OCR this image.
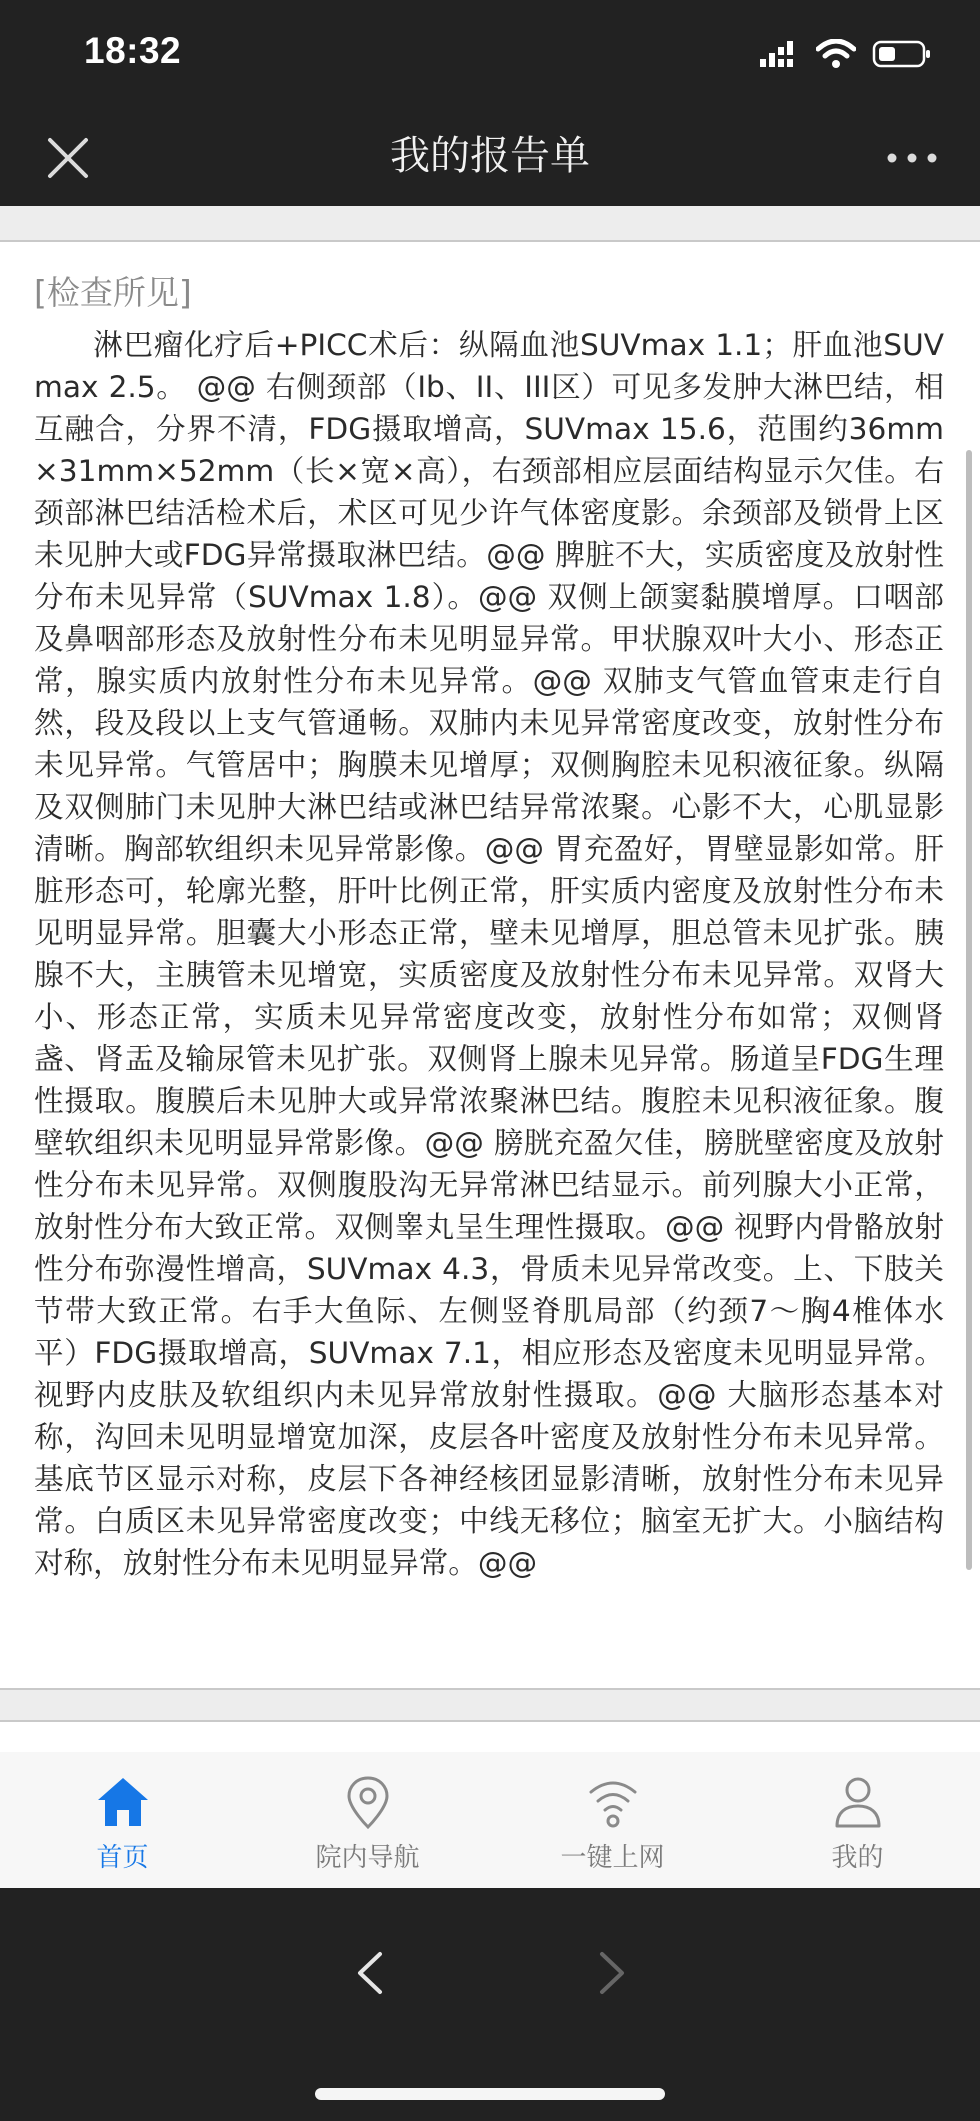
18:32
我的报告单
[检查所见]

淋巴瘤化疗后+PICC术后：纵隔血池SUVmax 1.1；肝血池SUVmax 2.5。 @@ 右侧颈部（Ib、II、III区）可见多发肿大淋巴结，相互融合，分界不清，FDG摄取增高，SUVmax 15.6，范围约36mm×31mm×52mm（长×宽×高），右颈部相应层面结构显示欠佳。右颈部淋巴结活检术后，术区可见少许气体密度影。余颈部及锁骨上区未见肿大或FDG异常摄取淋巴结。@@ 脾脏不大，实质密度及放射性分布未见异常（SUVmax 1.8）。@@ 双侧上颌窦黏膜增厚。口咽部及鼻咽部形态及放射性分布未见明显异常。甲状腺双叶大小、形态正常，腺实质内放射性分布未见异常。@@ 双肺支气管血管束走行自然，段及段以上支气管通畅。双肺内未见异常密度改变，放射性分布未见异常。气管居中；胸膜未见增厚；双侧胸腔未见积液征象。纵隔及双侧肺门未见肿大淋巴结或淋巴结异常浓聚。心影不大，心肌显影清晰。胸部软组织未见异常影像。@@ 胃充盈好，胃壁显影如常。肝脏形态可，轮廓光整，肝叶比例正常，肝实质内密度及放射性分布未见明显异常。胆囊大小形态正常，壁未见增厚，胆总管未见扩张。胰腺不大，主胰管未见增宽，实质密度及放射性分布未见异常。双肾大小、形态正常，实质未见异常密度改变，放射性分布如常；双侧肾盏、肾盂及输尿管未见扩张。双侧肾上腺未见异常。肠道呈FDG生理性摄取。腹膜后未见肿大或异常浓聚淋巴结。腹腔未见积液征象。腹壁软组织未见明显异常影像。@@ 膀胱充盈欠佳，膀胱壁密度及放射性分布未见异常。双侧腹股沟无异常淋巴结显示。前列腺大小正常，放射性分布大致正常。双侧睾丸呈生理性摄取。@@ 视野内骨骼放射性分布弥漫性增高，SUVmax 4.3，骨质未见异常改变。上、下肢关节带大致正常。右手大鱼际、左侧竖脊肌局部（约颈7～胸4椎体水平）FDG摄取增高，SUVmax 7.1，相应形态及密度未见明显异常。视野内皮肤及软组织内未见异常放射性摄取。@@ 大脑形态基本对称，沟回未见明显增宽加深，皮层各叶密度及放射性分布未见异常。基底节区显示对称，皮层下各神经核团显影清晰，放射性分布未见异常。白质区未见异常密度改变；中线无移位；脑室无扩大。小脑结构对称，放射性分布未见明显异常。@@

首页	院内导航	一键上网	我的
